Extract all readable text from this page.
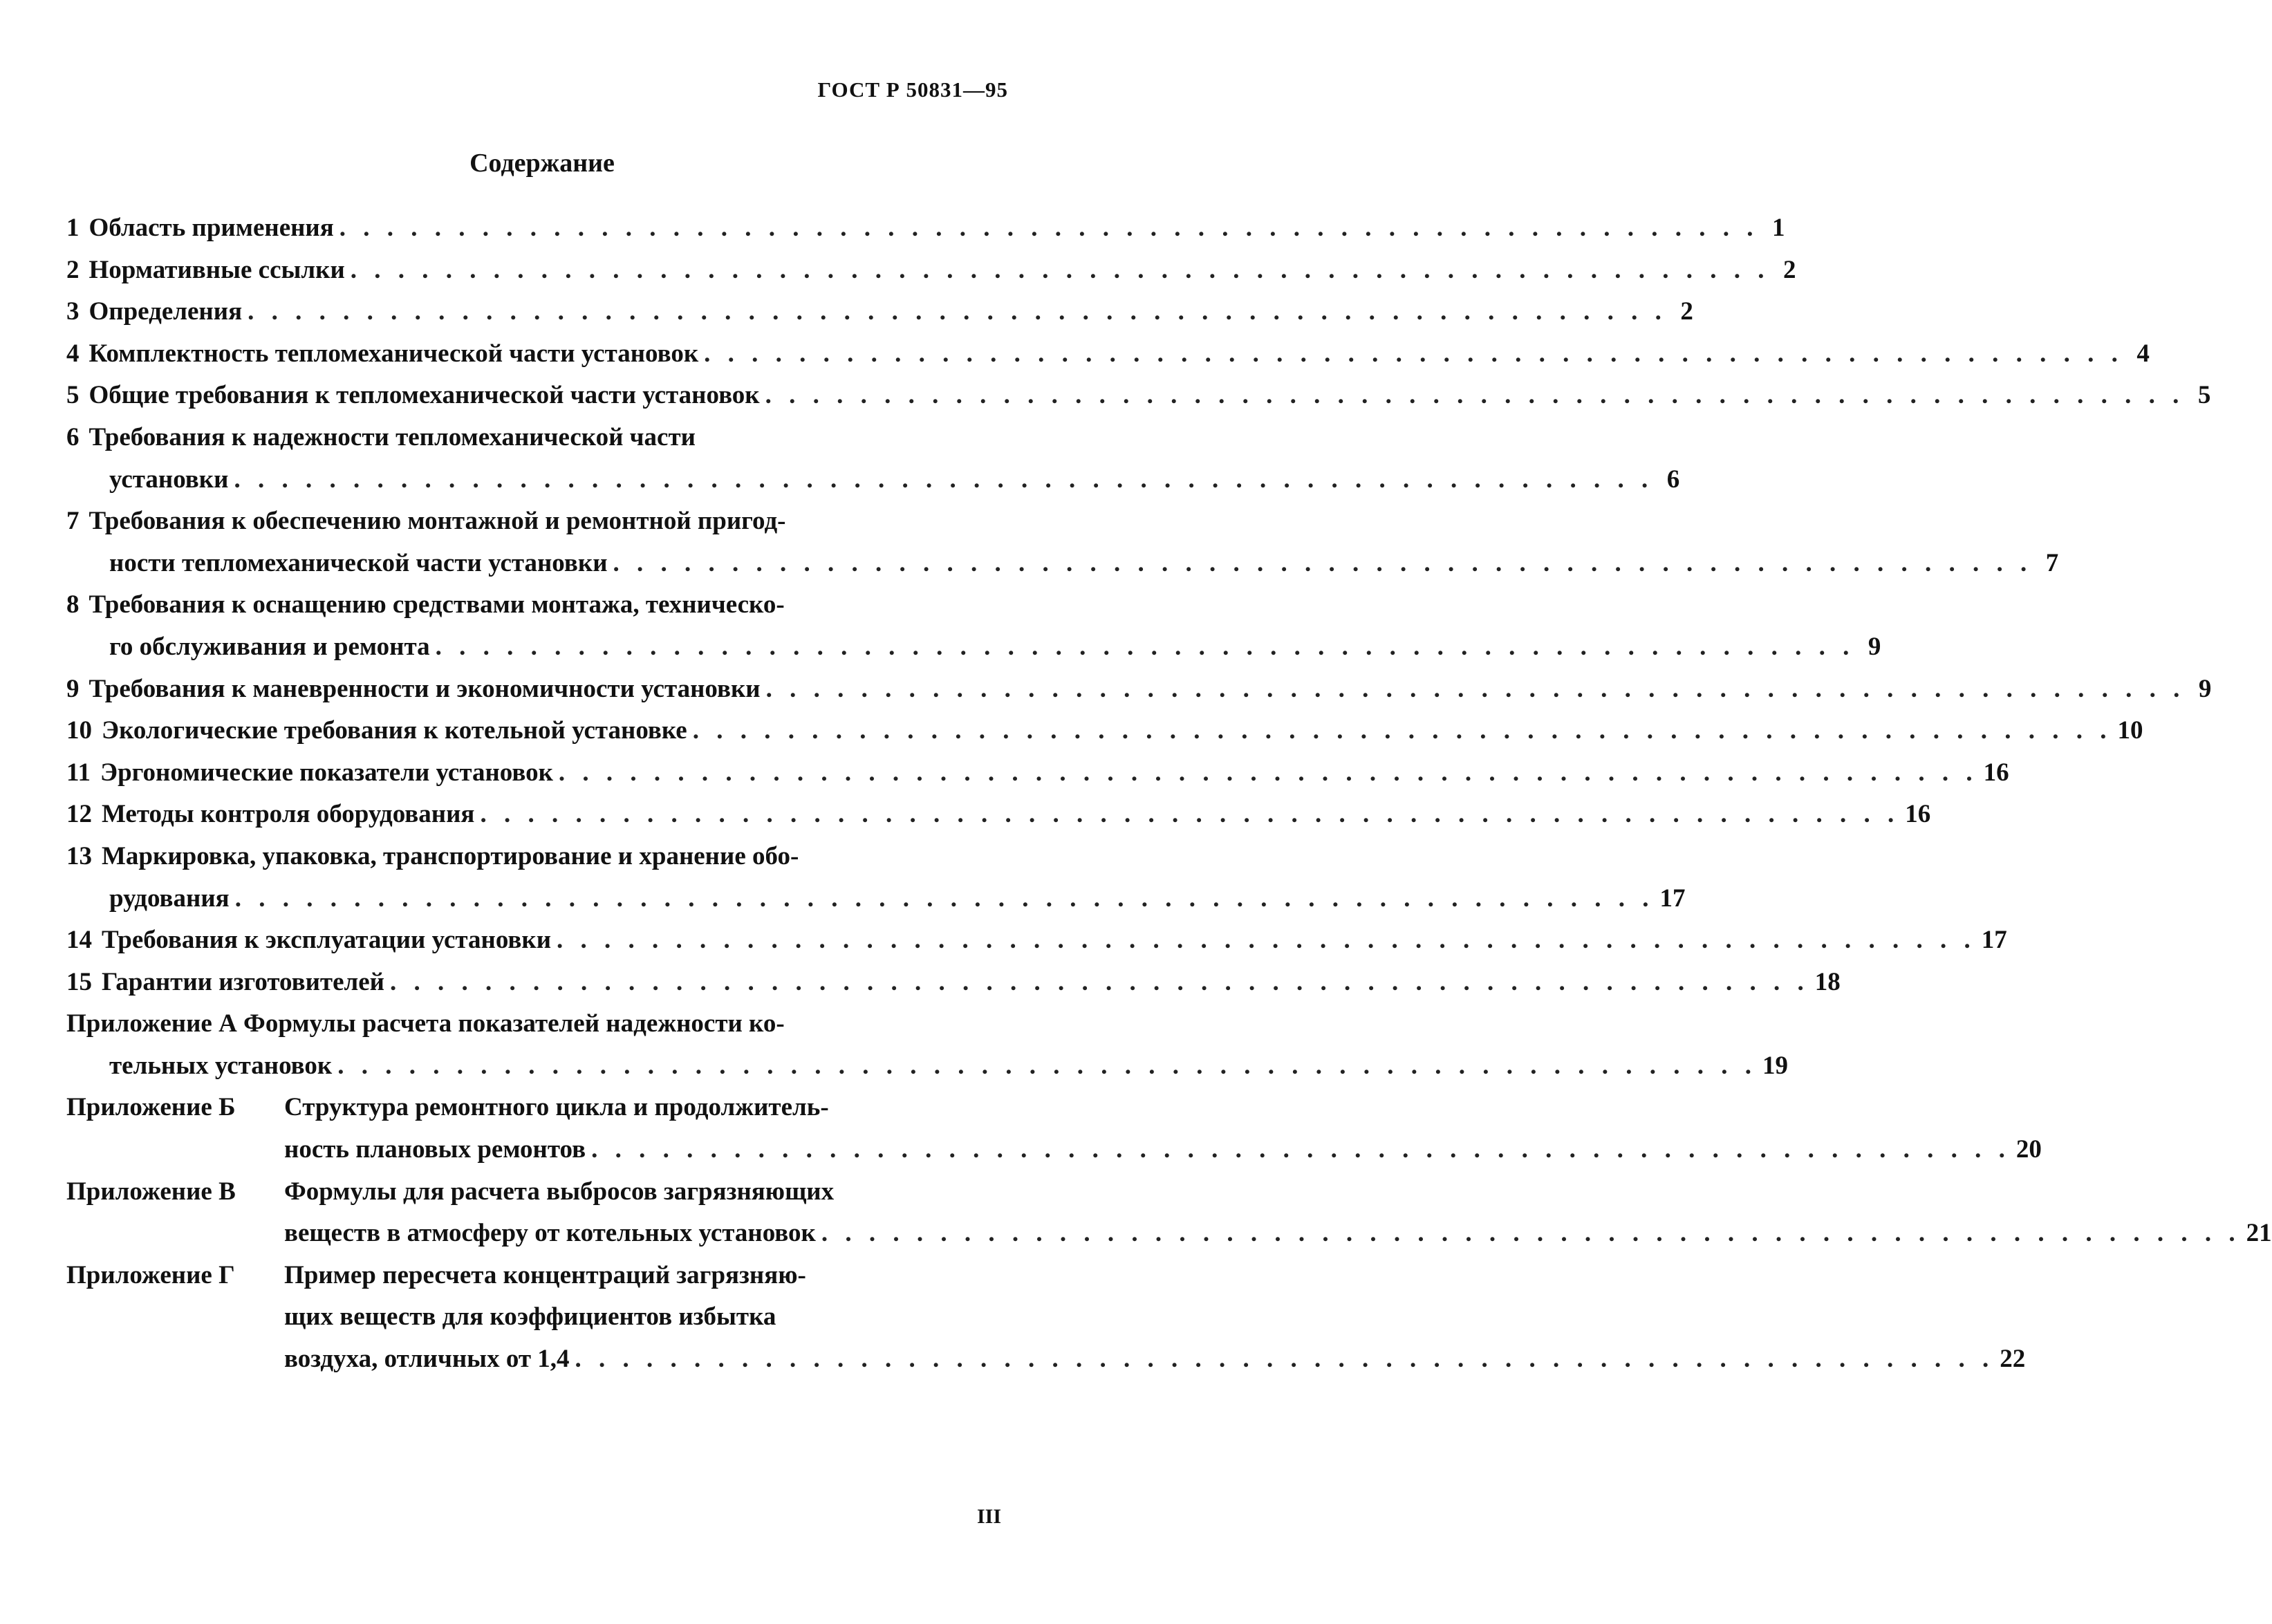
ГОСТ Р 50831—95
Содержание
1 Область применения . . .	1
2 Нормативные ссылки . . .	2
3 Определения . . .	2
4 Комплектность тепломеханической части установок . . .	4
5 Общие требования к тепломеханической части установок . . .	5
6 Требования к надежности тепломеханической части
установки . . .	6
7 Требования к обеспечению монтажной и ремонтной пригод-
ности тепломеханической части установки . . .	7
8 Требования к оснащению средствами монтажа, техническо-
го обслуживания и ремонта . . .	9
9 Требования к маневренности и экономичности установки . . .	9
10 Экологические требования к котельной установке . . .	10
11 Эргономические показатели установок . . .	16
12 Методы контроля оборудования . . .	16
13 Маркировка, упаковка, транспортирование и хранение обо-
рудования . . .	17
14 Требования к эксплуатации установки . . .	17
15 Гарантии изготовителей . . .	18
Приложение А Формулы расчета показателей надежности ко-
тельных установок . . .	19
Приложение Б	Структура ремонтного цикла и продолжитель-
ность плановых ремонтов . . .	20
Приложение В	Формулы для расчета выбросов загрязняющих
веществ в атмосферу от котельных установок . . .	21
Приложение Г	Пример пересчета концентраций загрязняю-
щих веществ для коэффициентов избытка
воздуха, отличных от 1,4 . . .	22
III
